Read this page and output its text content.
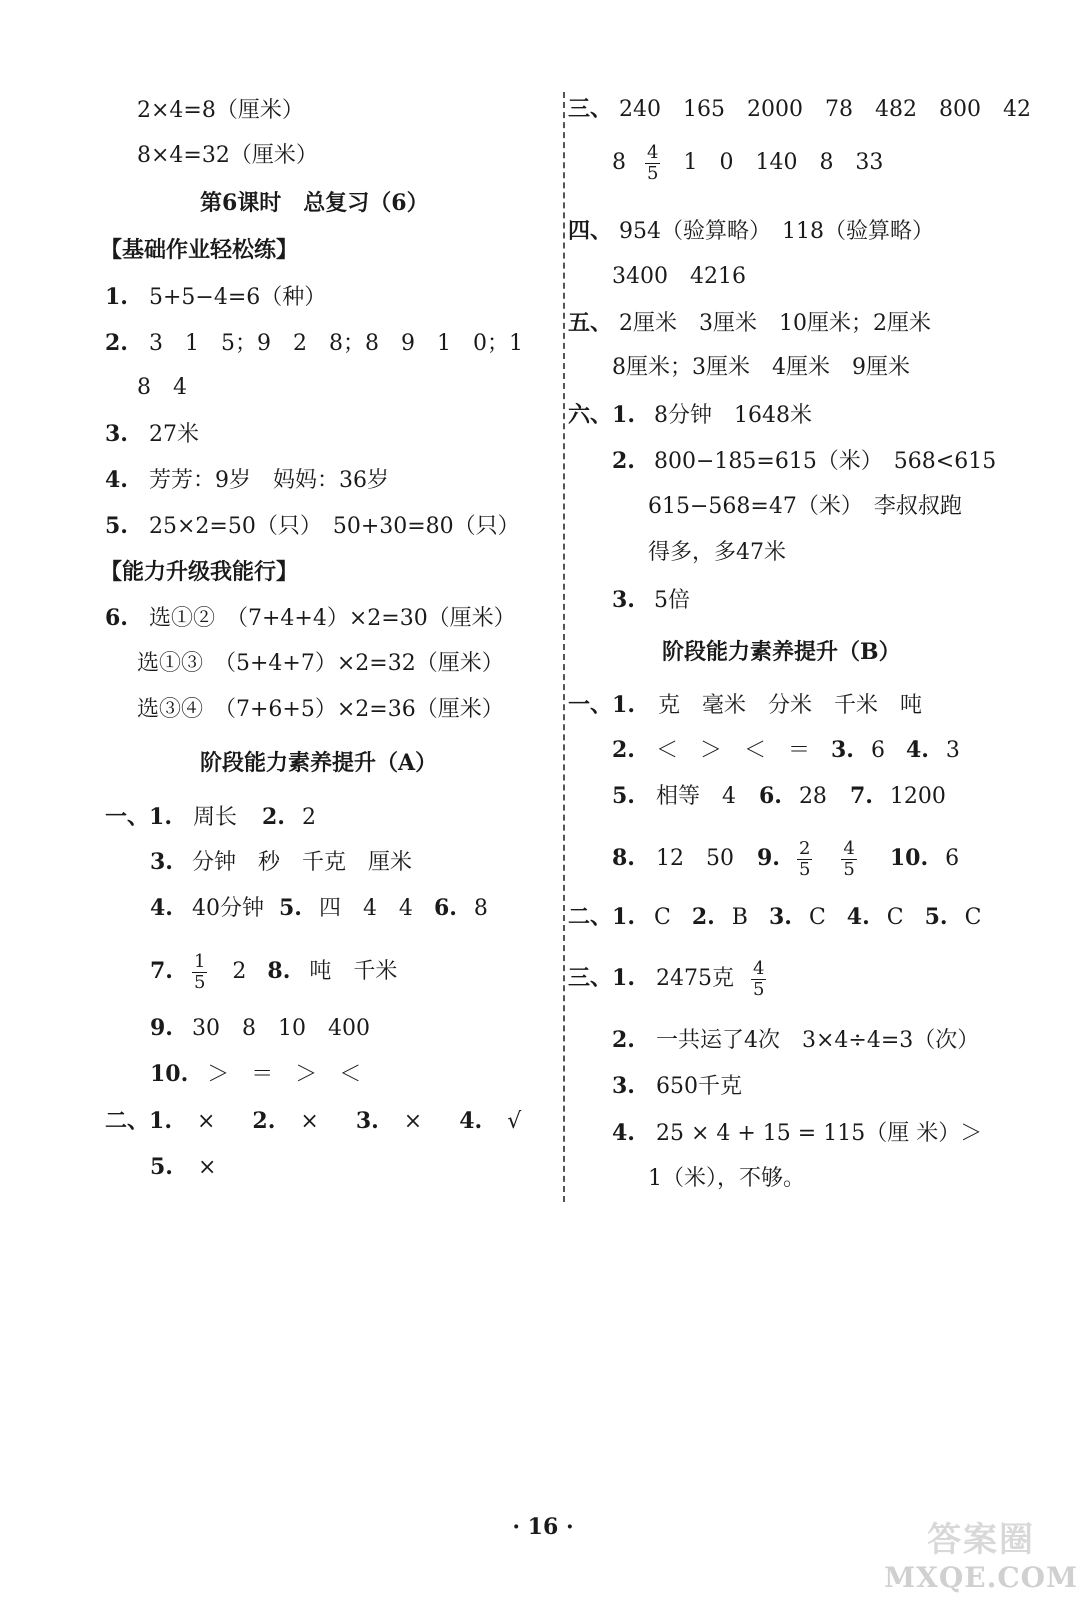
2×4=8（厘米）
8×4=32（厘米）
第6课时　总复习（6）
【基础作业轻松练】
1. 5+5−4=6（种）
2. 3　1　5；9　2　8；8　9　1　0；1
8　4
3. 27米
4. 芳芳：9岁　妈妈：36岁
5. 25×2=50（只）　50+30=80（只）
【能力升级我能行】
6. 选①②　（7+4+4）×2=30（厘米）
选①③　（5+4+7）×2=32（厘米）
选③④　（7+6+5）×2=36（厘米）
阶段能力素养提升（A）
一、1. 周长 2. 2
3. 分钟　秒　千克　厘米
4. 40分钟 5. 四　4　4 6. 8
7. $\frac{1}{5} 2$ 8. 吨　千米
9. 30　8　10　400
10. ＞　＝　＞　＜
二、1. × 2. × 3. × 4. √
5. ×
三、 240　165　2000　78　482　800　42
$8 \frac{4}{5} 1$　0　140　8　33
四、 954（验算略）　118（验算略）
3400　4216
五、 2厘米　3厘米　10厘米；2厘米
8厘米；3厘米　4厘米　9厘米
六、1. 8分钟　1648米
2. 800−185=615（米）　568<615
615−568=47（米）　李叔叔跑
得多，多47米
3. 5倍
阶段能力素养提升（B）
一、1. 克　毫米　分米　千米　吨
2. ＜　＞　＜　＝ 3. 6 4. 3
5. 相等　4 6. 28 7. 1200
8. 12　50 9. $\frac{2}{5}$
$\frac{4}{5} 10$. 6
二、1. C 2. B 3. C 4. C 5. C
三、1. 2475克 $\frac{4}{5}$
2. 一共运了4次　3×4÷4=3（次）
3. 650千克
4. 25 × 4 + 15 = 115（厘 米）＞
1（米），不够。
· 16 ·	答案圈
MXQE.COM
